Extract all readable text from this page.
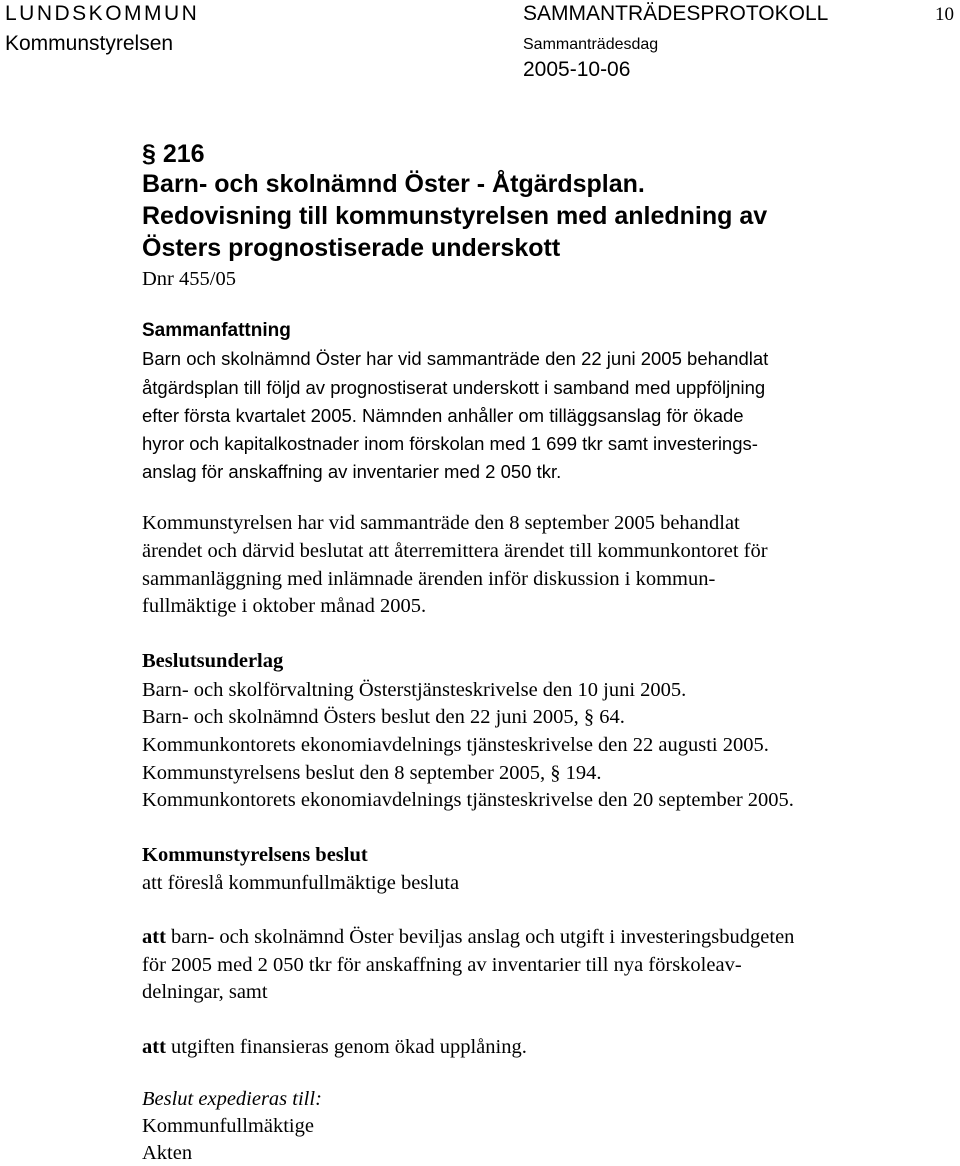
LUNDSKOMMUN
Kommunstyrelsen
SAMMANTRÄDESPROTOKOLL
Sammanträdesdag
2005-10-06
10
§ 216
Barn- och skolnämnd Öster - Åtgärdsplan.
Redovisning till kommunstyrelsen med anledning av
Östers prognostiserade underskott
Dnr 455/05
Sammanfattning
Barn och skolnämnd Öster har vid sammanträde den 22 juni 2005 behandlat
åtgärdsplan till följd av prognostiserat underskott i samband med uppföljning
efter första kvartalet 2005. Nämnden anhåller om tilläggsanslag för ökade
hyror och kapitalkostnader inom förskolan med 1 699 tkr samt investerings-
anslag för anskaffning av inventarier med 2 050 tkr.
Kommunstyrelsen har vid sammanträde den 8 september 2005 behandlat
ärendet och därvid beslutat att återremittera ärendet till kommunkontoret för
sammanläggning med inlämnade ärenden inför diskussion i kommun-
fullmäktige i oktober månad 2005.
Beslutsunderlag
Barn- och skolförvaltning Österstjänsteskrivelse den 10 juni 2005.
Barn- och skolnämnd Östers beslut den 22 juni 2005, § 64.
Kommunkontorets ekonomiavdelnings tjänsteskrivelse den 22 augusti 2005.
Kommunstyrelsens beslut den 8 september 2005, § 194.
Kommunkontorets ekonomiavdelnings tjänsteskrivelse den 20 september 2005.
Kommunstyrelsens beslut
att föreslå kommunfullmäktige besluta
att barn- och skolnämnd Öster beviljas anslag och utgift i investeringsbudgeten
för 2005 med 2 050 tkr för anskaffning av inventarier till nya förskoleav-
delningar, samt
att utgiften finansieras genom ökad upplåning.
Beslut expedieras till:
Kommunfullmäktige
Akten
